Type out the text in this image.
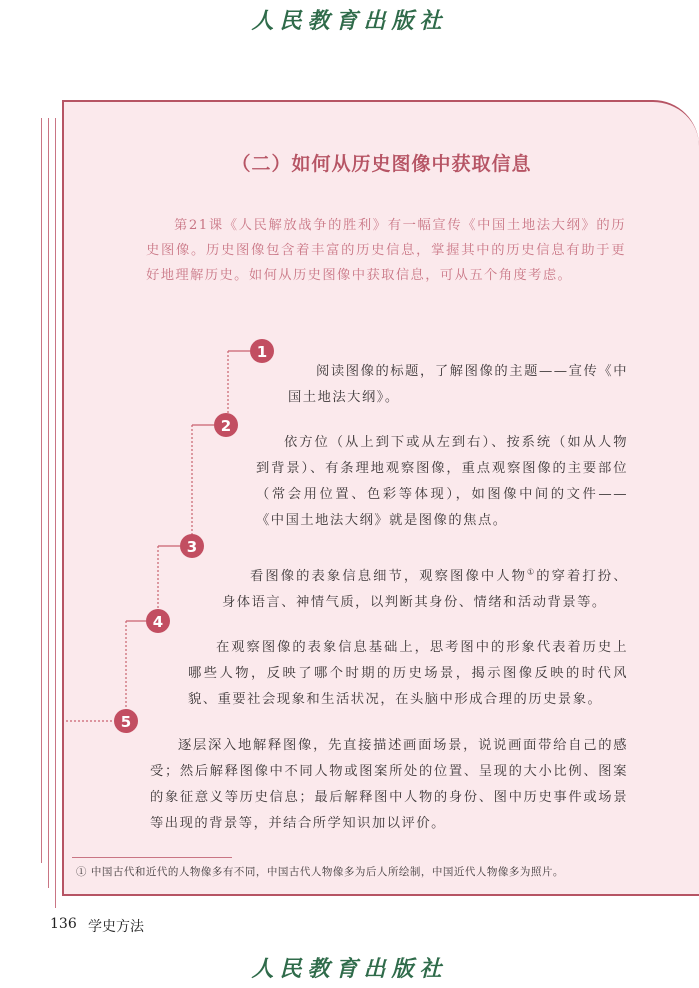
人民教育出版社
（二）如何从历史图像中获取信息
第21课《人民解放战争的胜利》有一幅宣传《中国土地法大纲》的历史图像。历史图像包含着丰富的历史信息，掌握其中的历史信息有助于更好地理解历史。如何从历史图像中获取信息，可从五个角度考虑。
1
2
3
4
5
阅读图像的标题，了解图像的主题——宣传《中国土地法大纲》。
依方位（从上到下或从左到右）、按系统（如从人物到背景）、有条理地观察图像，重点观察图像的主要部位（常会用位置、色彩等体现），如图像中间的文件——《中国土地法大纲》就是图像的焦点。
看图像的表象信息细节，观察图像中人物①的穿着打扮、身体语言、神情气质，以判断其身份、情绪和活动背景等。
在观察图像的表象信息基础上，思考图中的形象代表着历史上哪些人物，反映了哪个时期的历史场景，揭示图像反映的时代风貌、重要社会现象和生活状况，在头脑中形成合理的历史景象。
逐层深入地解释图像，先直接描述画面场景，说说画面带给自己的感受；然后解释图像中不同人物或图案所处的位置、呈现的大小比例、图案的象征意义等历史信息；最后解释图中人物的身份、图中历史事件或场景等出现的背景等，并结合所学知识加以评价。
① 中国古代和近代的人物像多有不同，中国古代人物像多为后人所绘制，中国近代人物像多为照片。
136 学史方法
人民教育出版社
